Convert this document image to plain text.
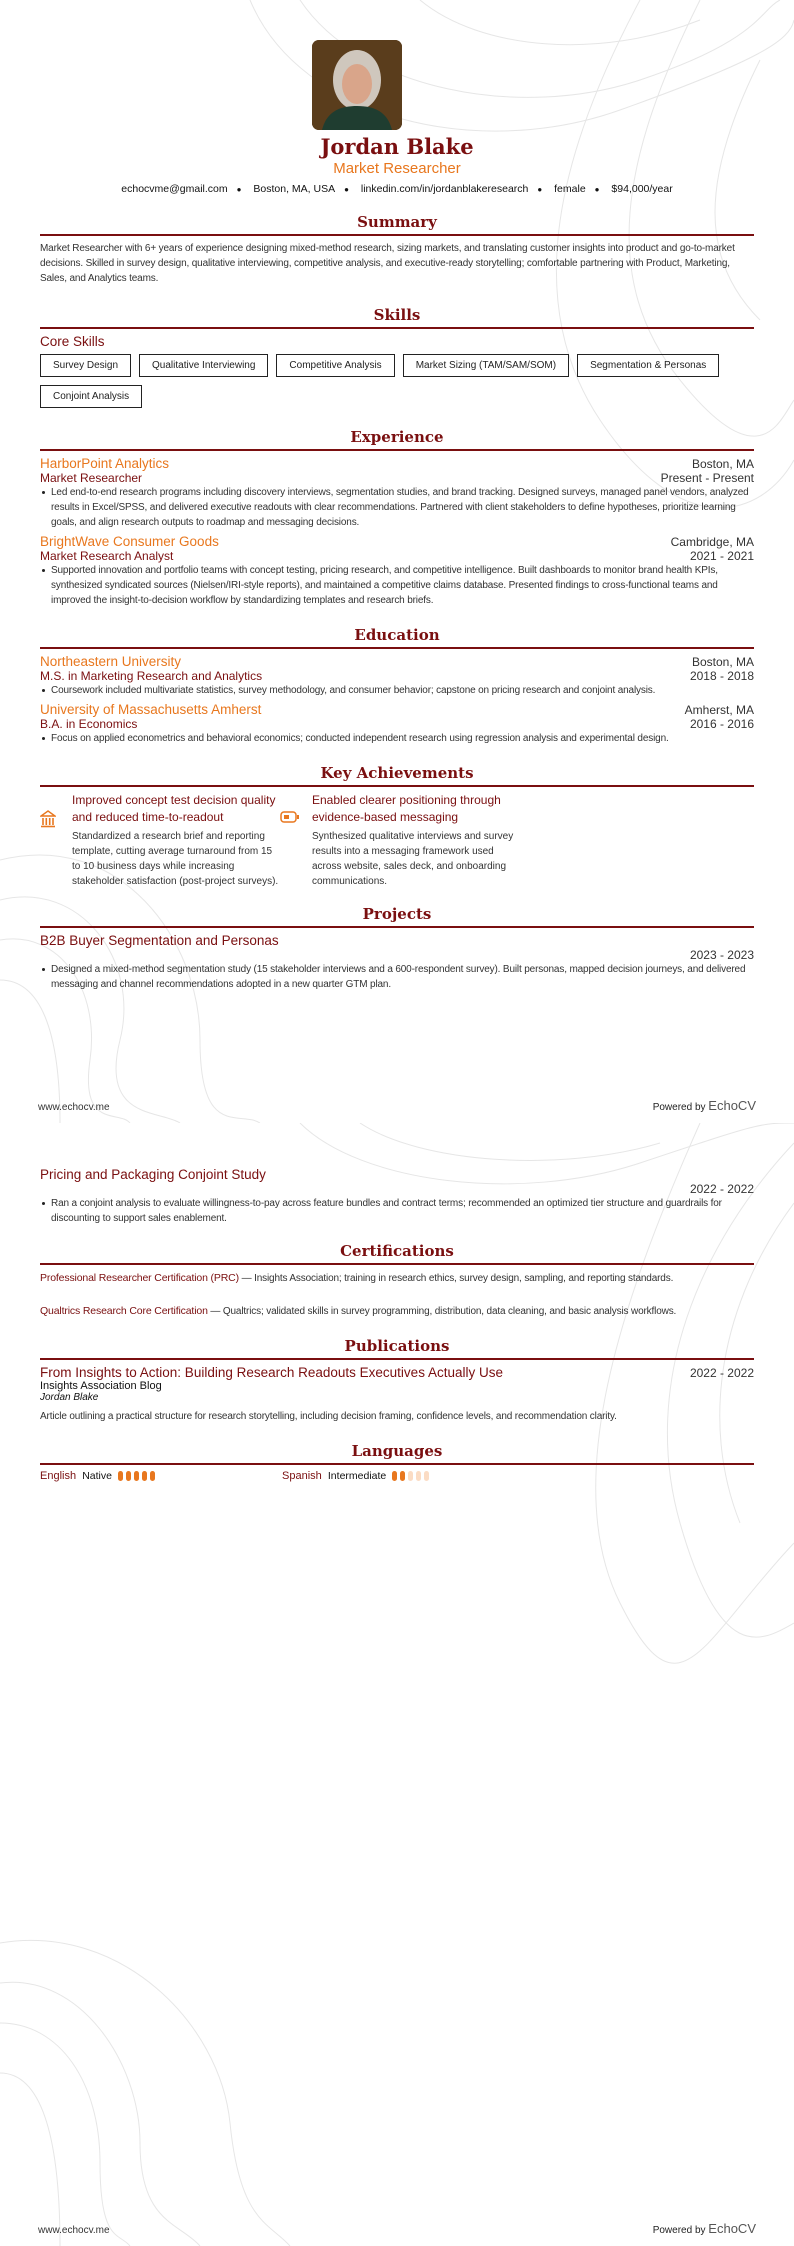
Jordan Blake
Market Researcher
echocvme@gmail.com ● Boston, MA, USA ● linkedin.com/in/jordanblakeresearch ● female ● $94,000/year
Summary

Market Researcher with 6+ years of experience designing mixed-method research, sizing markets, and translating customer insights into product and go-to-market decisions. Skilled in survey design, qualitative interviewing, competitive analysis, and executive-ready storytelling; comfortable partnering with Product, Marketing, Sales, and Analytics teams.

Skills
Core Skills
Survey Design	Qualitative Interviewing	Competitive Analysis	Market Sizing (TAM/SAM/SOM)	Segmentation & Personas
Conjoint Analysis
Experience
HarborPoint Analytics	Boston, MA
Market Researcher	Present - Present
Led end-to-end research programs including discovery interviews, segmentation studies, and brand tracking. Designed surveys, managed panel vendors, analyzed results in Excel/SPSS, and delivered executive readouts with clear recommendations. Partnered with client stakeholders to define hypotheses, prioritize learning goals, and align research outputs to roadmap and messaging decisions.
BrightWave Consumer Goods	Cambridge, MA
Market Research Analyst	2021 - 2021
Supported innovation and portfolio teams with concept testing, pricing research, and competitive intelligence. Built dashboards to monitor brand health KPIs, synthesized syndicated sources (Nielsen/IRI-style reports), and maintained a competitive claims database. Presented findings to cross-functional teams and improved the insight-to-decision workflow by standardizing templates and research briefs.
Education
Northeastern University	Boston, MA
M.S. in Marketing Research and Analytics	2018 - 2018
Coursework included multivariate statistics, survey methodology, and consumer behavior; capstone on pricing research and conjoint analysis.
University of Massachusetts Amherst	Amherst, MA
B.A. in Economics	2016 - 2016
Focus on applied econometrics and behavioral economics; conducted independent research using regression analysis and experimental design.
Key Achievements
Improved concept test decision quality and reduced time-to-readout
Standardized a research brief and reporting template, cutting average turnaround from 15 to 10 business days while increasing stakeholder satisfaction (post-project surveys).
Enabled clearer positioning through evidence-based messaging
Synthesized qualitative interviews and survey results into a messaging framework used across website, sales deck, and onboarding communications.
Projects
B2B Buyer Segmentation and Personas
2023 - 2023
Designed a mixed-method segmentation study (15 stakeholder interviews and a 600-respondent survey). Built personas, mapped decision journeys, and delivered messaging and channel recommendations adopted in a new quarter GTM plan.
www.echocv.me	Powered by EchoCV
Pricing and Packaging Conjoint Study
2022 - 2022
Ran a conjoint analysis to evaluate willingness-to-pay across feature bundles and contract terms; recommended an optimized tier structure and guardrails for discounting to support sales enablement.
Certifications

Professional Researcher Certification (PRC) — Insights Association; training in research ethics, survey design, sampling, and reporting standards.

Qualtrics Research Core Certification — Qualtrics; validated skills in survey programming, distribution, data cleaning, and basic analysis workflows.

Publications
From Insights to Action: Building Research Readouts Executives Actually Use	2022 - 2022
Insights Association Blog
Jordan Blake

Article outlining a practical structure for research storytelling, including decision framing, confidence levels, and recommendation clarity.

Languages
English Native	Spanish Intermediate
www.echocv.me	Powered by EchoCV
